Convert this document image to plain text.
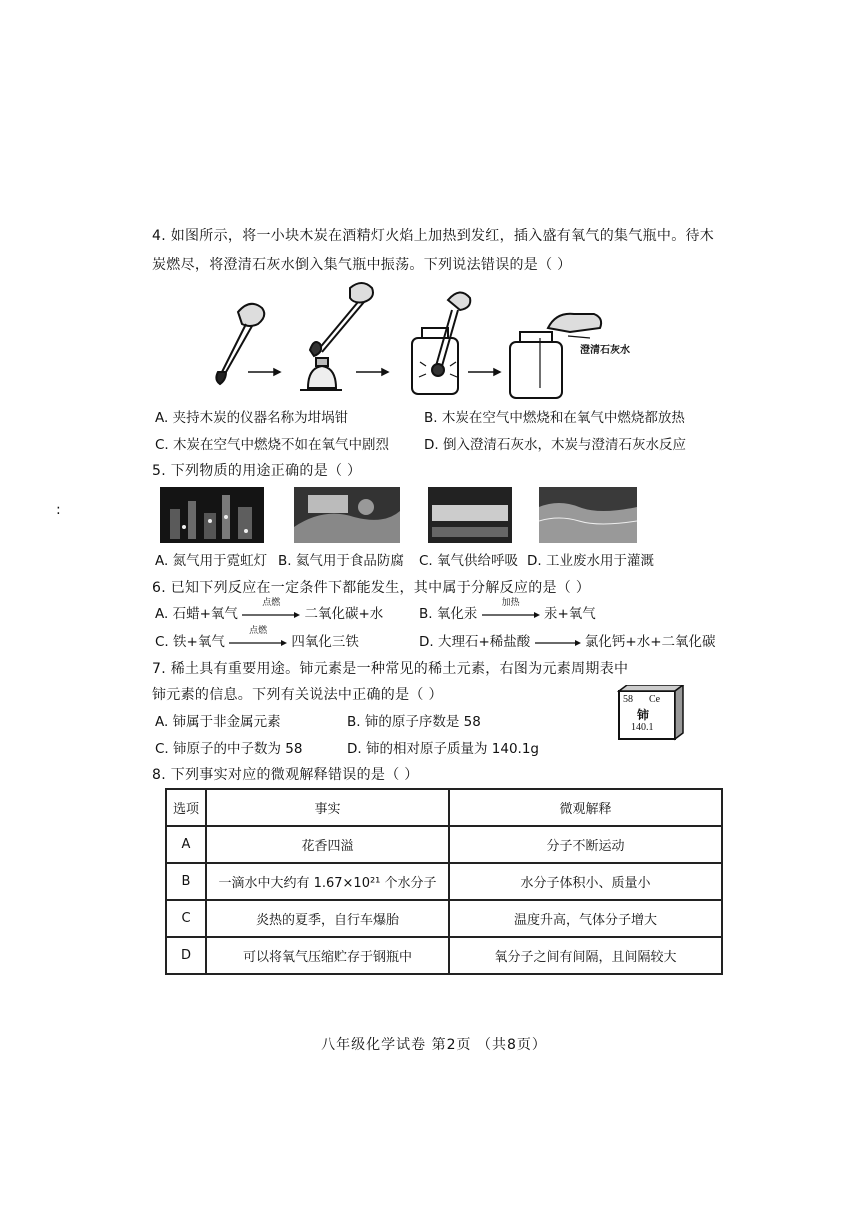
:
4. 如图所示，将一小块木炭在酒精灯火焰上加热到发红，插入盛有氧气的集气瓶中。待木
炭燃尽，将澄清石灰水倒入集气瓶中振荡。下列说法错误的是（ ）
澄清石灰水
A. 夹持木炭的仪器名称为坩埚钳	B. 木炭在空气中燃烧和在氧气中燃烧都放热
C. 木炭在空气中燃烧不如在氧气中剧烈	D. 倒入澄清石灰水，木炭与澄清石灰水反应
5. 下列物质的用途正确的是（ ）
A. 氮气用于霓虹灯 B. 氦气用于食品防腐 C. 氧气供给呼吸 D. 工业废水用于灌溉
6. 已知下列反应在一定条件下都能发生，其中属于分解反应的是（ ）
A. 石蜡+氧气
点燃
二氧化碳+水	B. 氧化汞
加热
汞+氧气
C. 铁+氧气
点燃
四氧化三铁	D. 大理石+稀盐酸 → 氯化钙+水+二氧化碳
7. 稀土具有重要用途。铈元素是一种常见的稀土元素，右图为元素周期表中
铈元素的信息。下列有关说法中正确的是（ ）	58 Ce
铈
140.1
A. 铈属于非金属元素	B. 铈的原子序数是 58
C. 铈原子的中子数为 58	D. 铈的相对原子质量为 140.1g
8. 下列事实对应的微观解释错误的是（ ）
选项	事实	微观解释
A	花香四溢	分子不断运动
B	一滴水中大约有 1.67×10²¹ 个水分子	水分子体积小、质量小
C	炎热的夏季，自行车爆胎	温度升高，气体分子增大
D	可以将氧气压缩贮存于钢瓶中	氧分子之间有间隔，且间隔较大
八年级化学试卷 第2页 （共8页）
